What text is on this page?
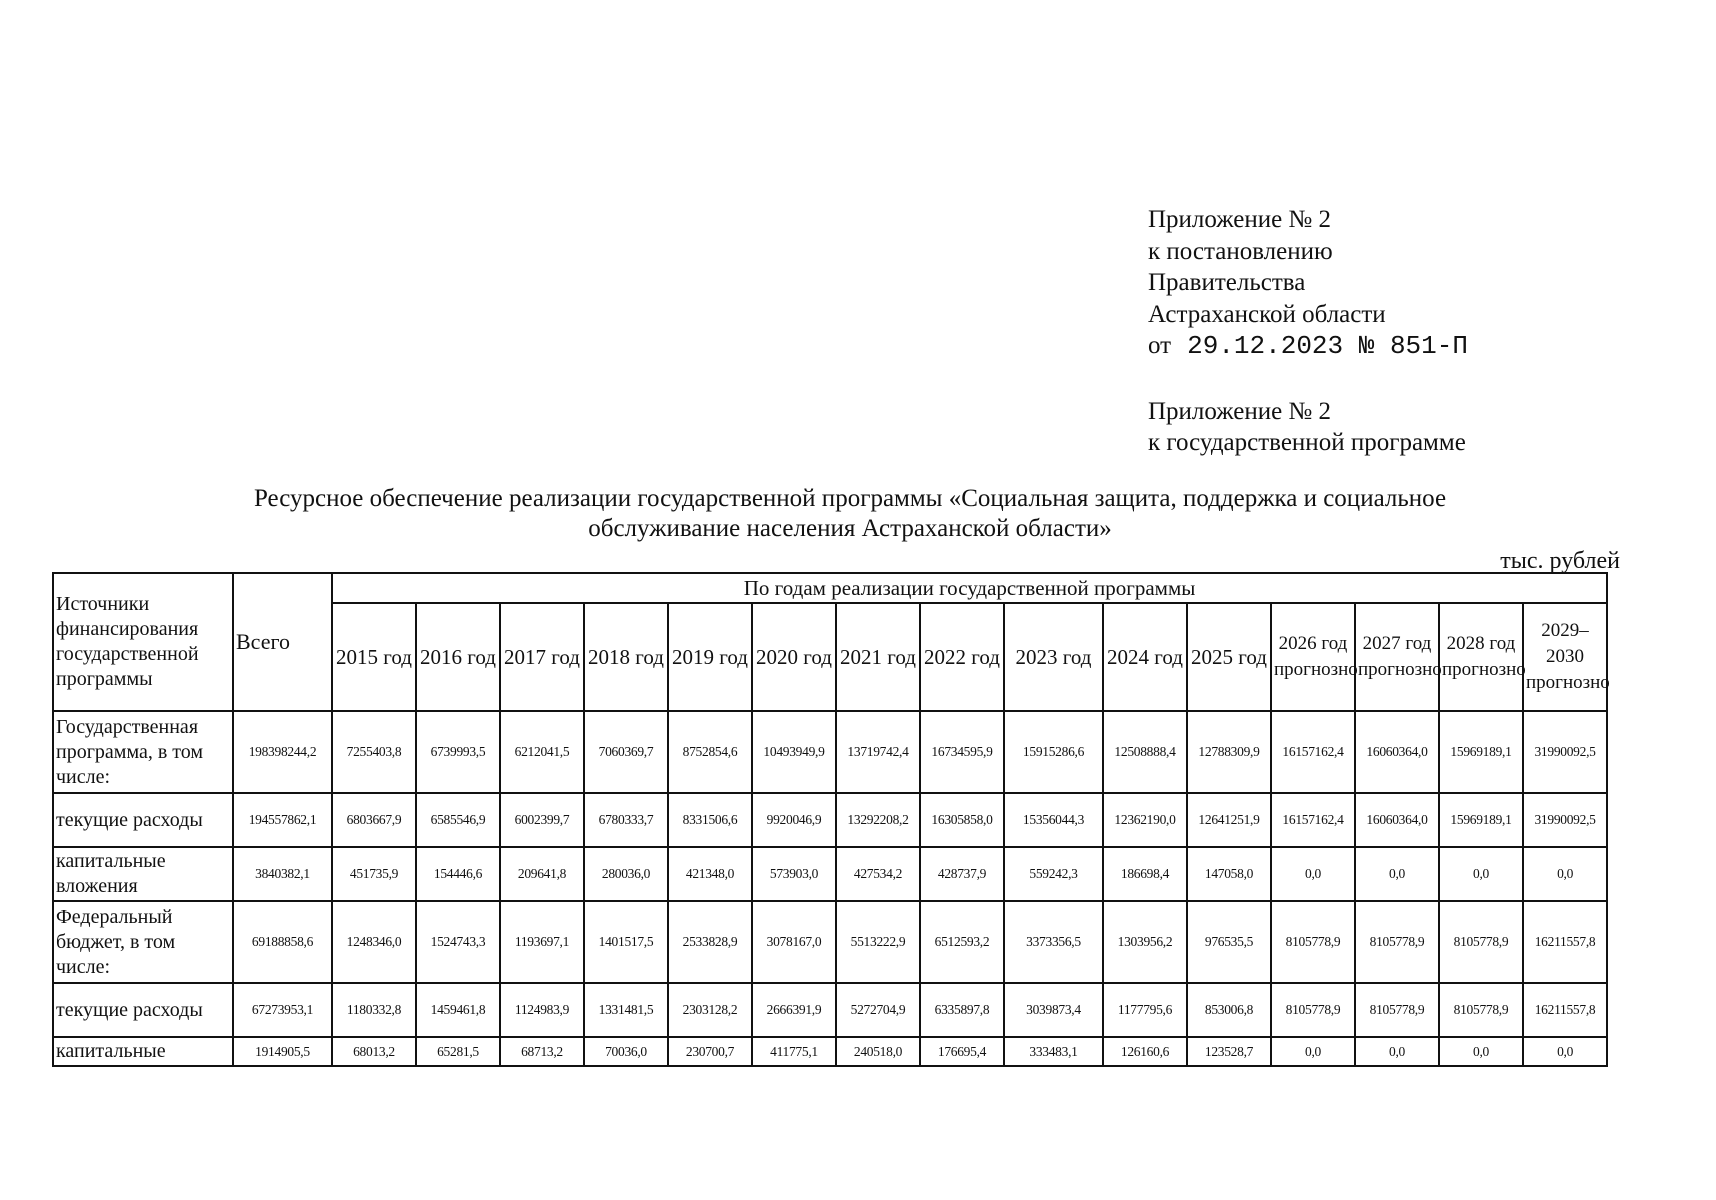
Приложение № 2
к постановлению
Правительства
Астраханской области
от 29.12.2023 № 851-П
Приложение № 2
к государственной программе
Ресурсное обеспечение реализации государственной программы «Социальная защита, поддержка и социальное
обслуживание населения Астраханской области»
тыс. рублей
Источники финансирования государственной программы	Всего	По годам реализации государственной программы														
		2015 год	2016 год	2017 год	2018 год	2019 год	2020 год	2021 год	2022 год	2023 год	2024 год	2025 год	2026 год прогнозно	2027 год прогнозно	2028 год прогнозно	2029–2030 прогнозно
Государственная программа, в том числе:	198398244,2	7255403,8	6739993,5	6212041,5	7060369,7	8752854,6	10493949,9	13719742,4	16734595,9	15915286,6	12508888,4	12788309,9	16157162,4	16060364,0	15969189,1	31990092,5
текущие расходы	194557862,1	6803667,9	6585546,9	6002399,7	6780333,7	8331506,6	9920046,9	13292208,2	16305858,0	15356044,3	12362190,0	12641251,9	16157162,4	16060364,0	15969189,1	31990092,5
капитальные вложения	3840382,1	451735,9	154446,6	209641,8	280036,0	421348,0	573903,0	427534,2	428737,9	559242,3	186698,4	147058,0	0,0	0,0	0,0	0,0
Федеральный бюджет, в том числе:	69188858,6	1248346,0	1524743,3	1193697,1	1401517,5	2533828,9	3078167,0	5513222,9	6512593,2	3373356,5	1303956,2	976535,5	8105778,9	8105778,9	8105778,9	16211557,8
текущие расходы	67273953,1	1180332,8	1459461,8	1124983,9	1331481,5	2303128,2	2666391,9	5272704,9	6335897,8	3039873,4	1177795,6	853006,8	8105778,9	8105778,9	8105778,9	16211557,8
капитальные	1914905,5	68013,2	65281,5	68713,2	70036,0	230700,7	411775,1	240518,0	176695,4	333483,1	126160,6	123528,7	0,0	0,0	0,0	0,0
